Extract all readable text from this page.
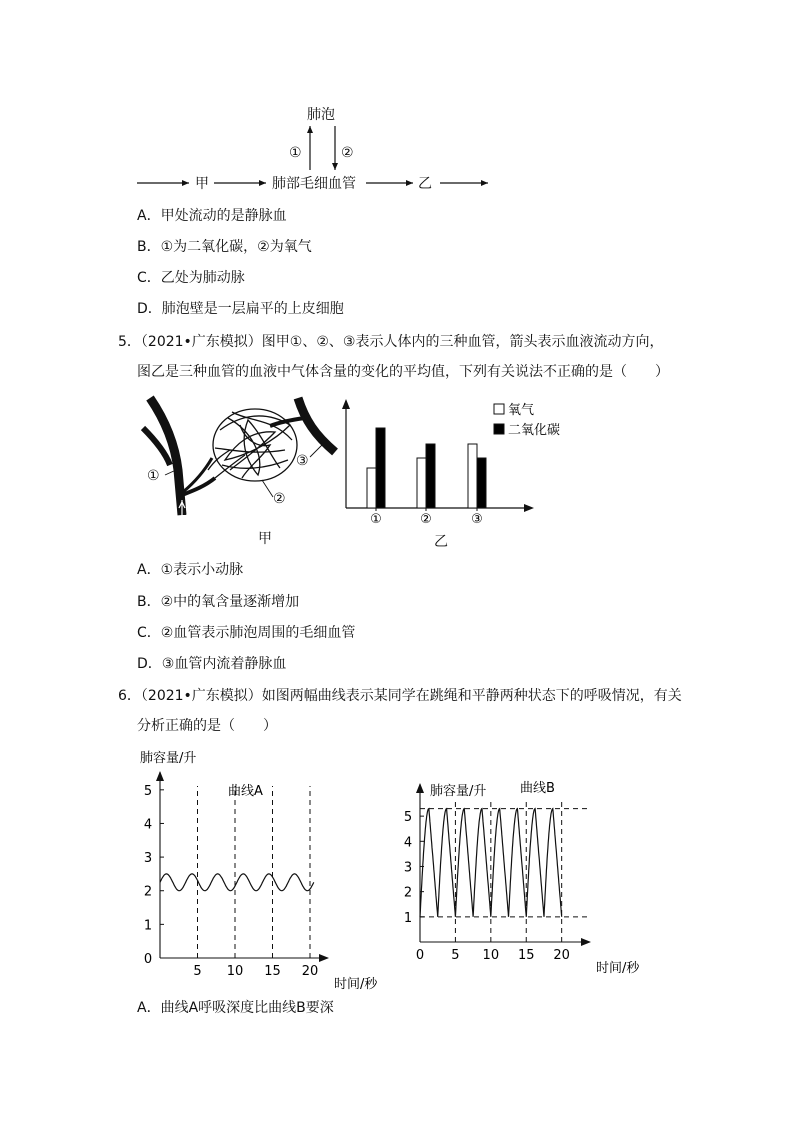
肺泡
①	②
甲	肺部毛细血管	乙
A．甲处流动的是静脉血
B．①为二氧化碳，②为氧气
C．乙处为肺动脉
D．肺泡壁是一层扁平的上皮细胞
5．（2021•广东模拟）图甲①、②、③表示人体内的三种血管，箭头表示血液流动方向，
图乙是三种血管的血液中气体含量的变化的平均值，下列有关说法不正确的是（　　）
①
②
③
甲
①	②	③
氧气
二氧化碳
乙
A．①表示小动脉
B．②中的氧含量逐渐增加
C．②血管表示肺泡周围的毛细血管
D．③血管内流着静脉血
6．（2021•广东模拟）如图两幅曲线表示某同学在跳绳和平静两种状态下的呼吸情况，有关
分析正确的是（　　）
0
1
2
3
4
5
5 10 15 20
曲线A
肺容量/升
时间/秒
1
2
3
4
5
0 5 10 15 20
曲线B
肺容量/升
时间/秒
A．曲线A呼吸深度比曲线B要深
